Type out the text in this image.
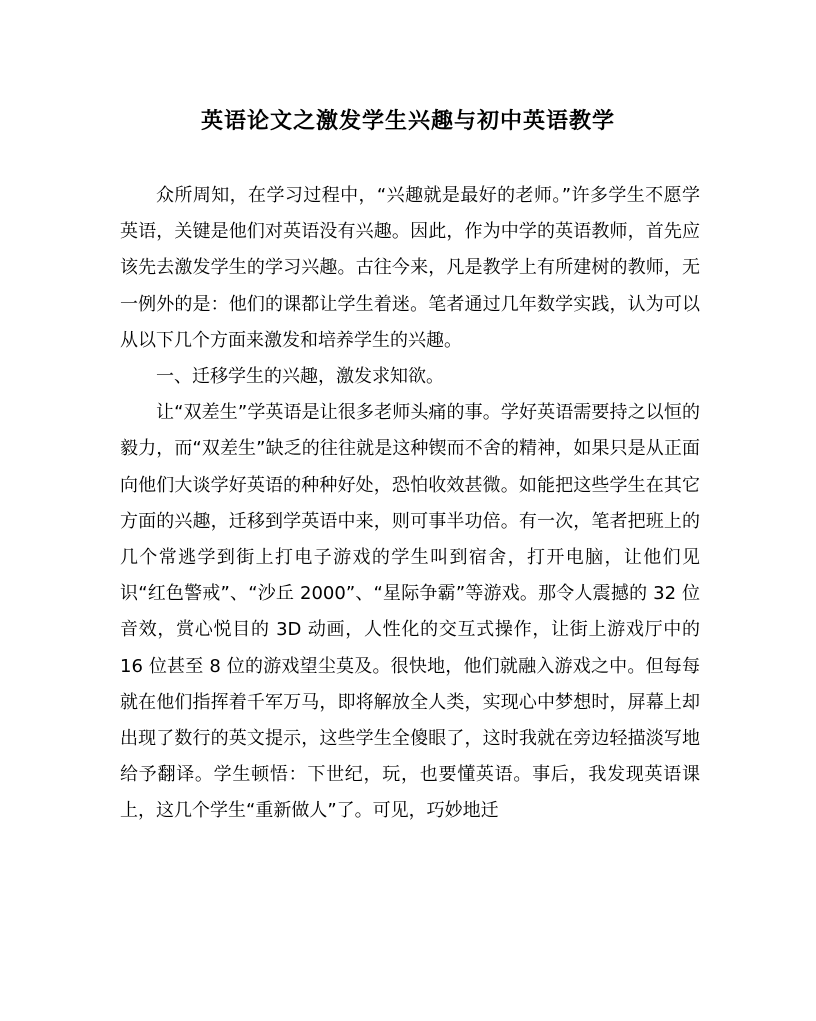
英语论文之激发学生兴趣与初中英语教学

众所周知，在学习过程中，“兴趣就是最好的老师。”许多学生不愿学英语，关键是他们对英语没有兴趣。因此，作为中学的英语教师，首先应该先去激发学生的学习兴趣。古往今来，凡是教学上有所建树的教师，无一例外的是：他们的课都让学生着迷。笔者通过几年数学实践，认为可以从以下几个方面来激发和培养学生的兴趣。

一、迁移学生的兴趣，激发求知欲。

让“双差生”学英语是让很多老师头痛的事。学好英语需要持之以恒的毅力，而“双差生”缺乏的往往就是这种锲而不舍的精神，如果只是从正面向他们大谈学好英语的种种好处，恐怕收效甚微。如能把这些学生在其它方面的兴趣，迁移到学英语中来，则可事半功倍。有一次，笔者把班上的几个常逃学到街上打电子游戏的学生叫到宿舍，打开电脑，让他们见识“红色警戒”、“沙丘 2000”、“星际争霸”等游戏。那令人震撼的 32 位音效，赏心悦目的 3D 动画，人性化的交互式操作，让街上游戏厅中的 16 位甚至 8 位的游戏望尘莫及。很快地，他们就融入游戏之中。但每每就在他们指挥着千军万马，即将解放全人类，实现心中梦想时，屏幕上却出现了数行的英文提示，这些学生全傻眼了，这时我就在旁边轻描淡写地给予翻译。学生顿悟：下世纪，玩，也要懂英语。事后，我发现英语课上，这几个学生“重新做人”了。可见，巧妙地迁
